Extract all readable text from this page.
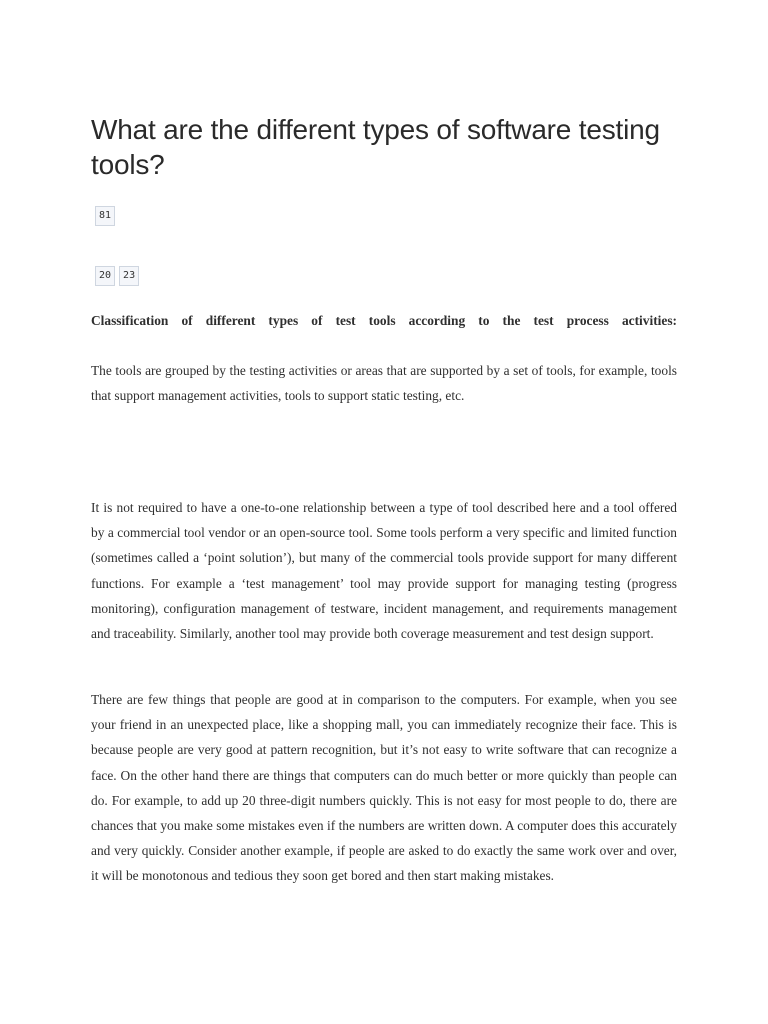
What are the different types of software testing tools?
81
20	23

Classification of different types of test tools according to the test process activities:

The tools are grouped by the testing activities or areas that are supported by a set of tools, for example, tools that support management activities, tools to support static testing, etc.

It is not required to have a one-to-one relationship between a type of tool described here and a tool offered by a commercial tool vendor or an open-source tool. Some tools perform a very specific and limited function (sometimes called a ‘point solution’), but many of the commercial tools provide support for many different functions. For example a ‘test management’ tool may provide support for managing testing (progress monitoring), configuration management of testware, incident management, and requirements management and traceability. Similarly, another tool may provide both coverage measurement and test design support.

There are few things that people are good at in comparison to the computers. For example, when you see your friend in an unexpected place, like a shopping mall, you can immediately recognize their face. This is because people are very good at pattern recognition, but it’s not easy to write software that can recognize a face. On the other hand there are things that computers can do much better or more quickly than people can do. For example, to add up 20 three-digit numbers quickly. This is not easy for most people to do, there are chances that you make some mistakes even if the numbers are written down. A computer does this accurately and very quickly. Consider another example, if people are asked to do exactly the same work over and over, it will be monotonous and tedious they soon get bored and then start making mistakes.
